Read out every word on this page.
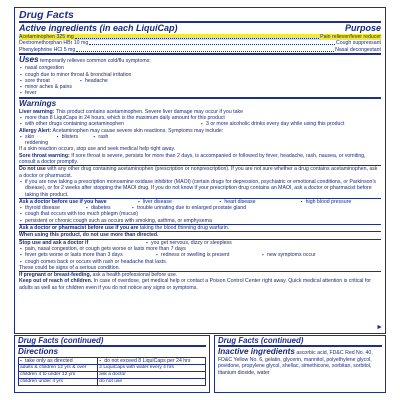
Drug Facts
Active ingredients (in each LiquiCap)	Purpose
Acetaminophen 325 mg	Pain reliever/fever reducer
Dextromethorphan HBr 10 mg	Cough suppressant
Phenylephrine HCl 5 mg	Nasal decongestant
Uses temporarily relieves common cold/flu symptoms:
▪ nasal congestion
▪ cough due to minor throat & bronchial irritation
▪ sore throat	▪ headache
▪ minor aches & pains
▪ fever
Warnings
Liver warning: This product contains acetaminophen. Severe liver damage may occur if you take
▪ more than 8 LiquiCaps in 24 hours, which is the maximum daily amount for this product
▪ with other drugs containing acetaminophen	▪ 3 or more alcoholic drinks every day while using this product
Allergy Alert: Acetaminophen may cause severe skin reactions. Symptoms may include:
▪ skin reddening
▪ blisters	▪ rash
If a skin reaction occurs, stop use and seek medical help right away.
Sore throat warning: If sore throat is severe, persists for more than 2 days, is accompanied or followed by fever, headache, rash, nausea, or vomiting, consult a doctor promptly.
Do not use with any other drug containing acetaminophen (prescription or nonprescription). If you are not sure whether a drug contains acetaminophen, ask a doctor or pharmacist.
▪ if you are now taking a prescription monoamine oxidase inhibitor (MAOI) (certain drugs for depression, psychiatric or emotional conditions, or Parkinson's disease), or for 2 weeks after stopping the MAOI drug. If you do not know if your prescription drug contains an MAOI, ask a doctor or pharmacist before taking this product.
Ask a doctor before use if you have	▪ liver disease	▪ heart disease	▪ high blood pressure
▪ thyroid disease	▪ diabetes	▪ trouble urinating due to enlarged prostate gland
▪ cough that occurs with too much phlegm (mucus)
▪ persistent or chronic cough such as occurs with smoking, asthma, or emphysema
Ask a doctor or pharmacist before use if you are taking the blood thinning drug warfarin.
When using this product, do not use more than directed.
Stop use and ask a doctor if	▪ you get nervous, dizzy or sleepless
▪ pain, nasal congestion, or cough gets worse or lasts more than 7 days
▪ fever gets worse or lasts more than 3 days	▪ redness or swelling is present	▪ new symptoms occur
▪ cough comes back or occurs with rash or headache that lasts.
These could be signs of a serious condition.
If pregnant or breast-feeding, ask a health professional before use.
Keep out of reach of children. In case of overdose, get medical help or contact a Poison Control Center right away. Quick medical attention is critical for adults as well as for children even if you do not notice any signs or symptoms.
►
Drug Facts (continued)
Directions
▪ take only as directed	▪ do not exceed 8 LiquiCaps per 24 hrs
adults & children 12 yrs & over	2 LiquiCaps with water every 4 hrs
children 4 to under 12 yrs	ask a doctor
children under 4 yrs	do not use
Drug Facts (continued)
Inactive ingredients ascorbic acid, FD&C Red No. 40, FD&C Yellow No. 6, gelatin, glycerin, mannitol, polyethylene glycol, povidone, propylene glycol, shellac, simethicone, sorbitan, sorbitol, titanium dioxide, water
